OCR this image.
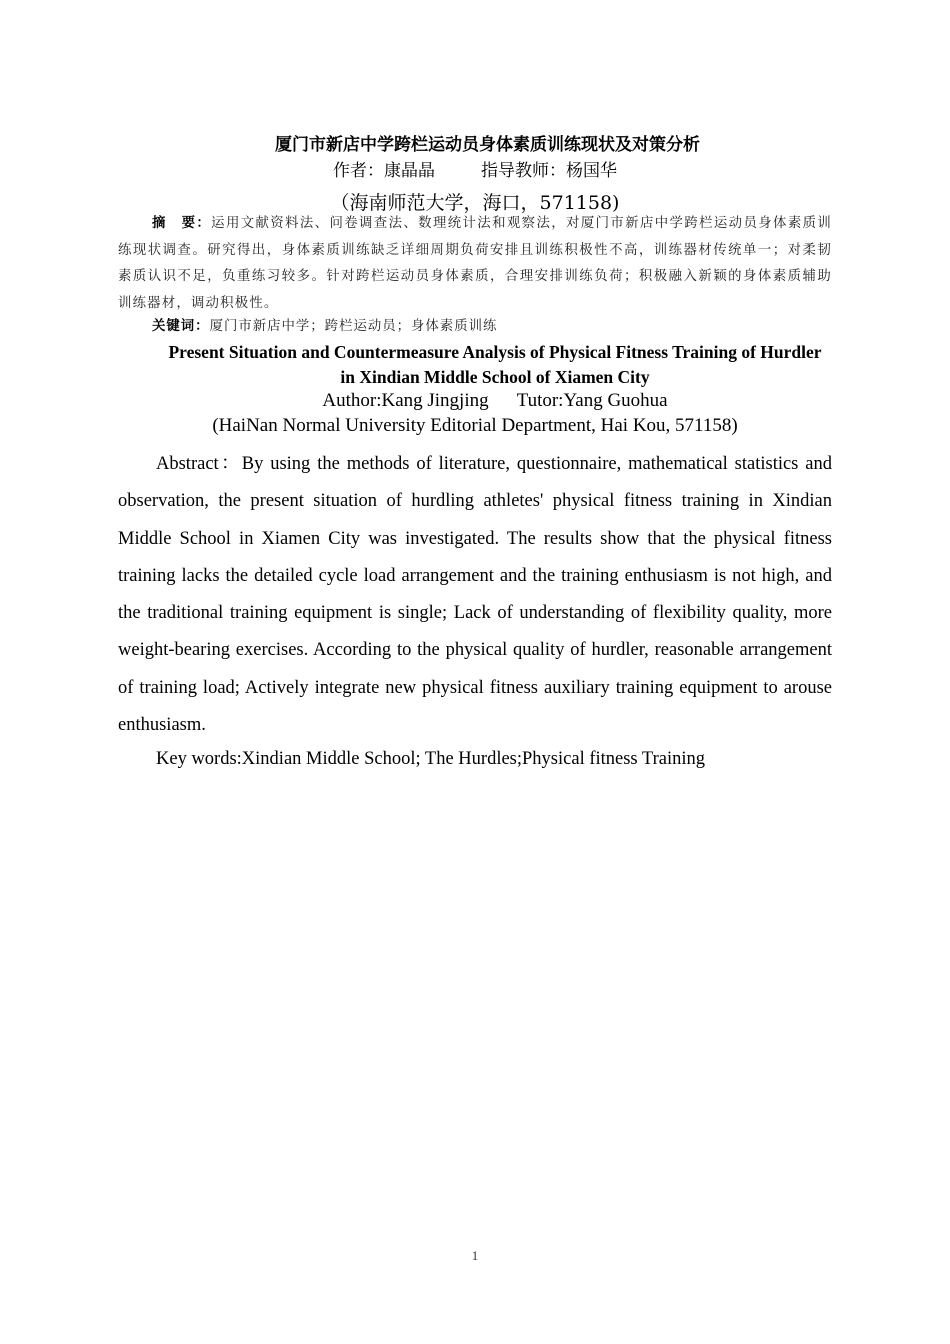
厦门市新店中学跨栏运动员身体素质训练现状及对策分析
作者：康晶晶	指导教师：杨国华
（海南师范大学，海口，571158)
摘　要：运用文献资料法、问卷调查法、数理统计法和观察法，对厦门市新店中学跨栏运动员身体素质训练现状调查。研究得出，身体素质训练缺乏详细周期负荷安排且训练积极性不高，训练器材传统单一；对柔韧素质认识不足，负重练习较多。针对跨栏运动员身体素质，合理安排训练负荷；积极融入新颖的身体素质辅助训练器材，调动积极性。
关键词：厦门市新店中学；跨栏运动员；身体素质训练
Present Situation and Countermeasure Analysis of Physical Fitness Training of Hurdler in Xindian Middle School of Xiamen City
Author:Kang Jingjing Tutor:Yang Guohua
(HaiNan Normal University Editorial Department, Hai Kou, 571158)
Abstract：By using the methods of literature, questionnaire, mathematical statistics and observation, the present situation of hurdling athletes' physical fitness training in Xindian Middle School in Xiamen City was investigated. The results show that the physical fitness training lacks the detailed cycle load arrangement and the training enthusiasm is not high, and the traditional training equipment is single; Lack of understanding of flexibility quality, more weight-bearing exercises. According to the physical quality of hurdler, reasonable arrangement of training load; Actively integrate new physical fitness auxiliary training equipment to arouse enthusiasm.
Key words:Xindian Middle School; The Hurdles;Physical fitness Training
1
